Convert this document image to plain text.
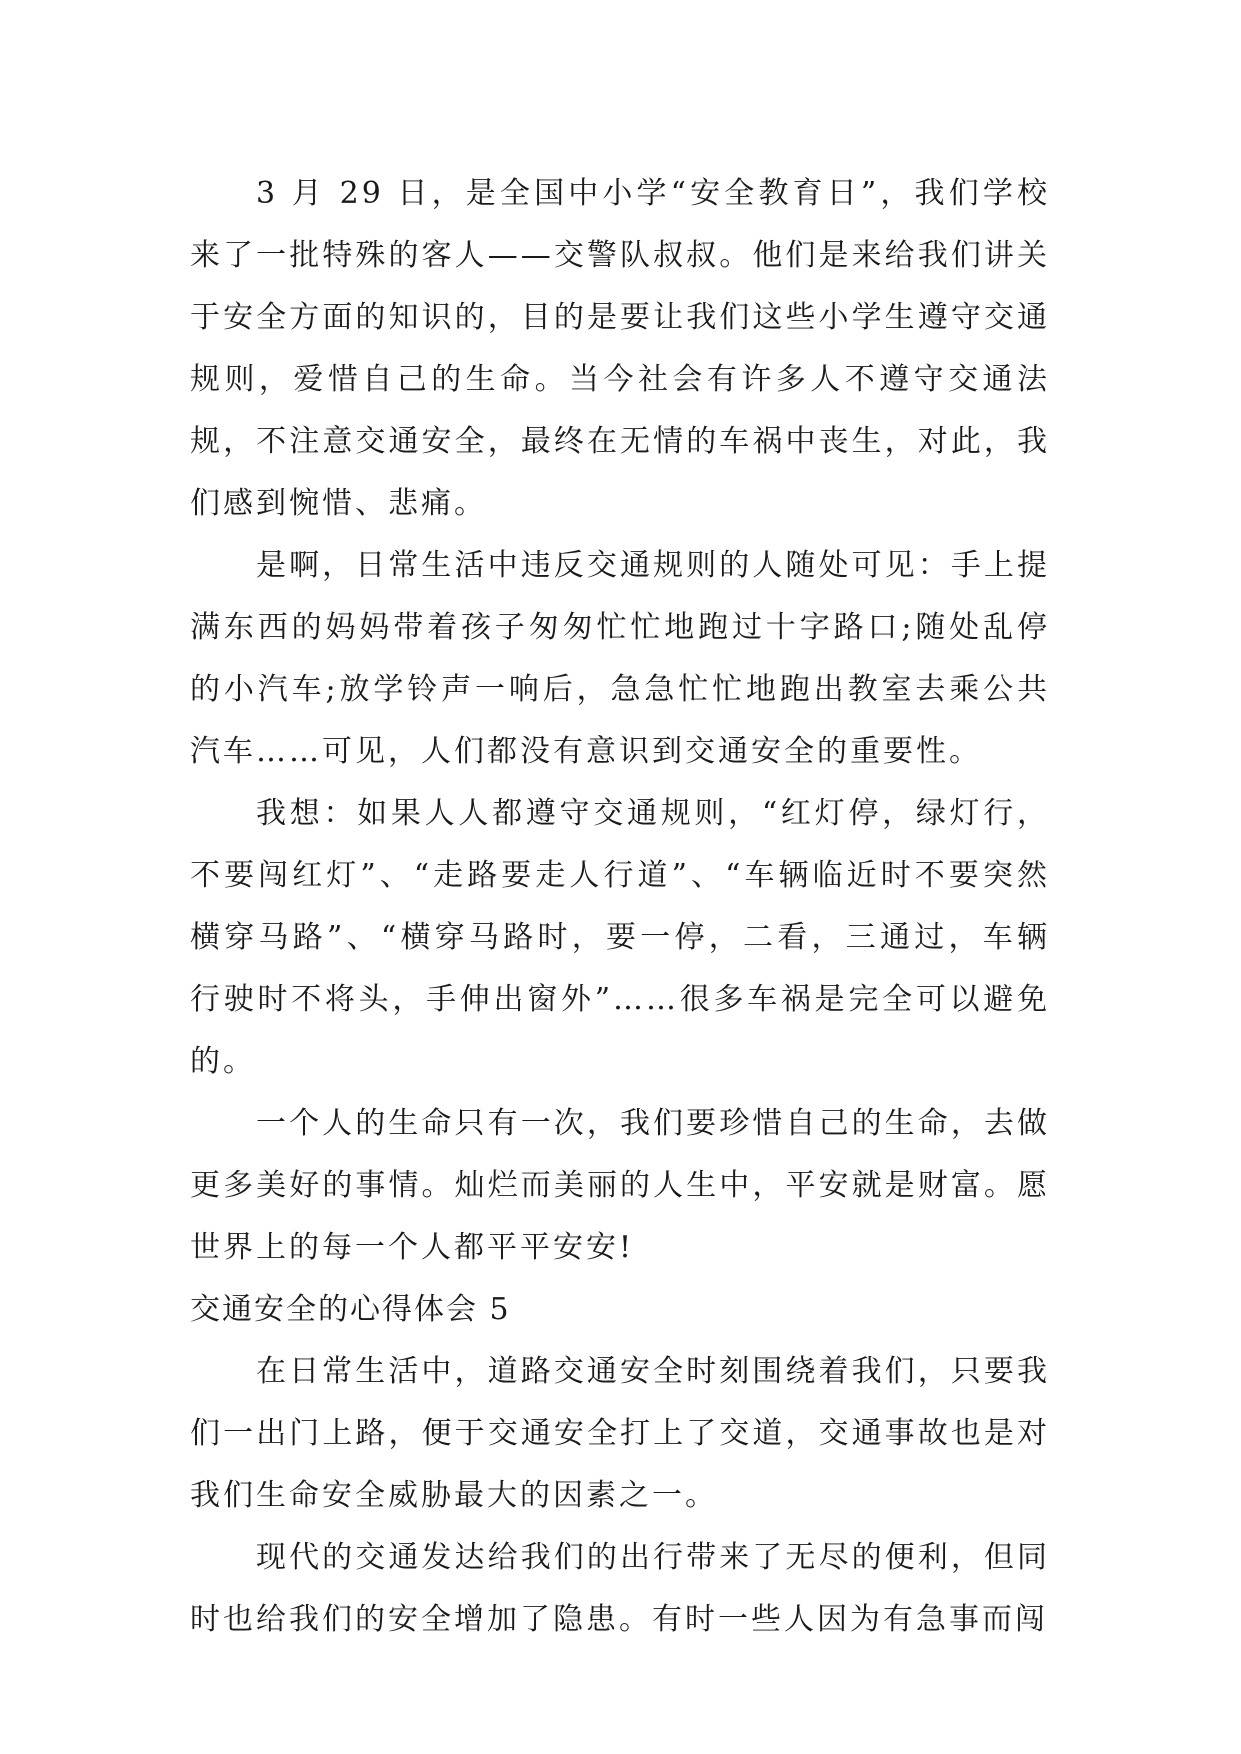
3 月 29 日，是全国中小学“安全教育日”，我们学校来了一批特殊的客人——交警队叔叔。他们是来给我们讲关于安全方面的知识的，目的是要让我们这些小学生遵守交通规则，爱惜自己的生命。当今社会有许多人不遵守交通法规，不注意交通安全，最终在无情的车祸中丧生，对此，我们感到惋惜、悲痛。

是啊，日常生活中违反交通规则的人随处可见：手上提满东西的妈妈带着孩子匆匆忙忙地跑过十字路口;随处乱停的小汽车;放学铃声一响后，急急忙忙地跑出教室去乘公共汽车……可见，人们都没有意识到交通安全的重要性。

我想：如果人人都遵守交通规则，“红灯停，绿灯行，不要闯红灯”、“走路要走人行道”、“车辆临近时不要突然横穿马路”、“横穿马路时，要一停，二看，三通过，车辆行驶时不将头，手伸出窗外”……很多车祸是完全可以避免的。

一个人的生命只有一次，我们要珍惜自己的生命，去做更多美好的事情。灿烂而美丽的人生中，平安就是财富。愿世界上的每一个人都平平安安!

交通安全的心得体会 5

在日常生活中，道路交通安全时刻围绕着我们，只要我们一出门上路，便于交通安全打上了交道，交通事故也是对我们生命安全威胁最大的因素之一。

现代的交通发达给我们的出行带来了无尽的便利，但同时也给我们的安全增加了隐患。有时一些人因为有急事而闯
